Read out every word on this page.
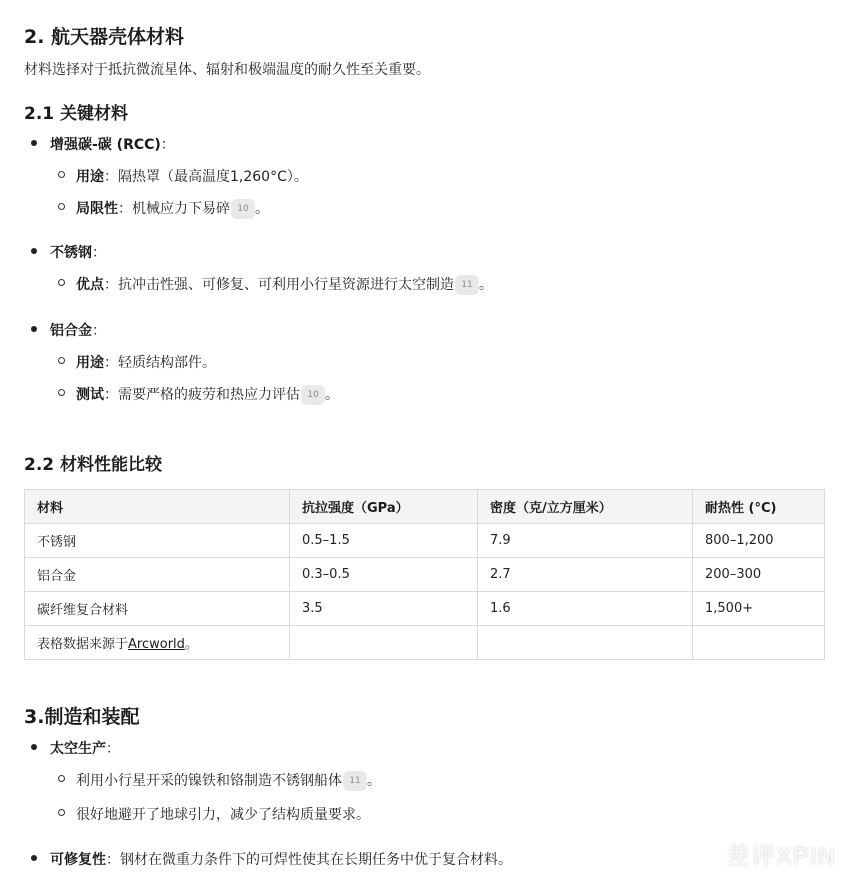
2. 航天器壳体材料
材料选择对于抵抗微流星体、辐射和极端温度的耐久性至关重要。
2.1 关键材料
增强碳-碳 (RCC)：
用途：隔热罩（最高温度1,260°C）。
局限性：机械应力下易碎 10 。
不锈钢：
优点：抗冲击性强、可修复、可利用小行星资源进行太空制造 11 。
铝合金：
用途：轻质结构部件。
测试：需要严格的疲劳和热应力评估 10 。
2.2 材料性能比较
材料	抗拉强度（GPa）	密度（克/立方厘米）	耐热性 (°C)
不锈钢	0.5–1.5	7.9	800–1,200
铝合金	0.3–0.5	2.7	200–300
碳纤维复合材料	3.5	1.6	1,500+
表格数据来源于Arcworld。			
3.制造和装配
太空生产：
利用小行星开采的镍铁和铬制造不锈钢船体 11 。
很好地避开了地球引力，减少了结构质量要求。
可修复性：钢材在微重力条件下的可焊性使其在长期任务中优于复合材料。	差评XPIN
